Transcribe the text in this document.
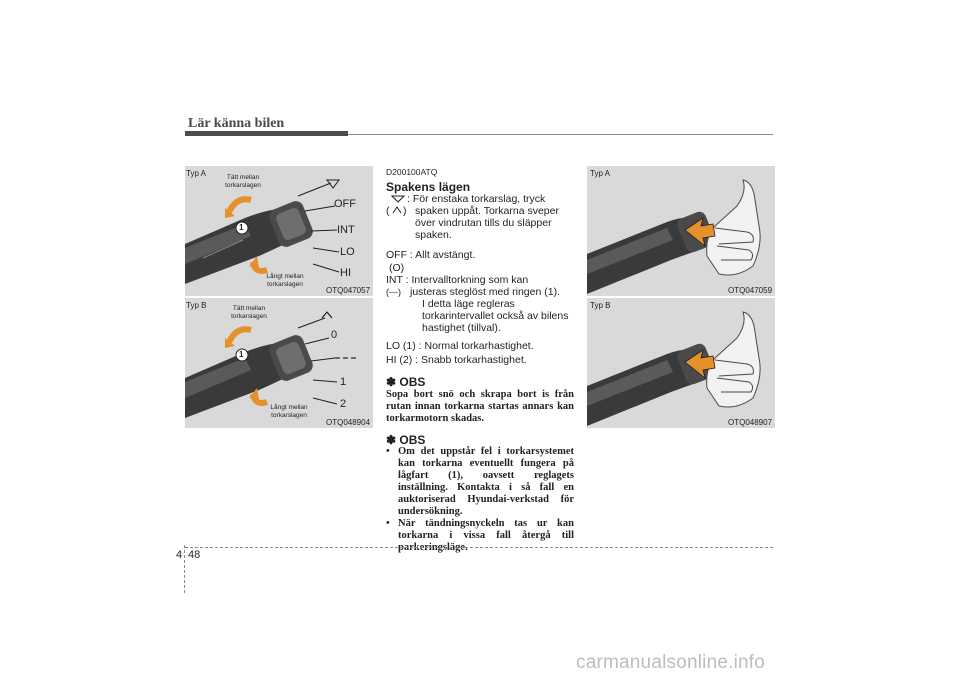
Lär känna bilen
Typ A	Tätt mellan
torkarslagen
Långt mellan
torkarslagen
1
OFF
INT
LO
HI
OTQ047057
Typ B	Tätt mellan
torkarslagen
Långt mellan
torkarslagen
1
0
1
2
OTQ048904
Typ A
OTQ047059
Typ B
OTQ048907

D200100ATQ

Spakens lägen

( )
: För enstaka torkarslag, tryck
spaken uppåt. Torkarna sveper
över vindrutan tills du släpper
spaken.

OFF : Allt avstängt.

(O)

INT : Intervalltorkning som kan
(---) justeras steglöst med ringen (1).
I detta läge regleras
torkarintervallet också av bilens
hastighet (tillval).

LO (1) : Normal torkarhastighet.

HI (2) : Snabb torkarhastighet.

✽ OBS

Sopa bort snö och skrapa bort is från rutan innan torkarna startas annars kan torkarmotorn skadas.

✽ OBS

• Om det uppstår fel i torkarsystemet kan torkarna eventuellt fungera på lågfart (1), oavsett reglagets inställning. Kontakta i så fall en auktoriserad Hyundai-verkstad för undersökning.
• När tändningsnyckeln tas ur kan torkarna i vissa fall återgå till parkeringsläge.
4 48
carmanualsonline.info
